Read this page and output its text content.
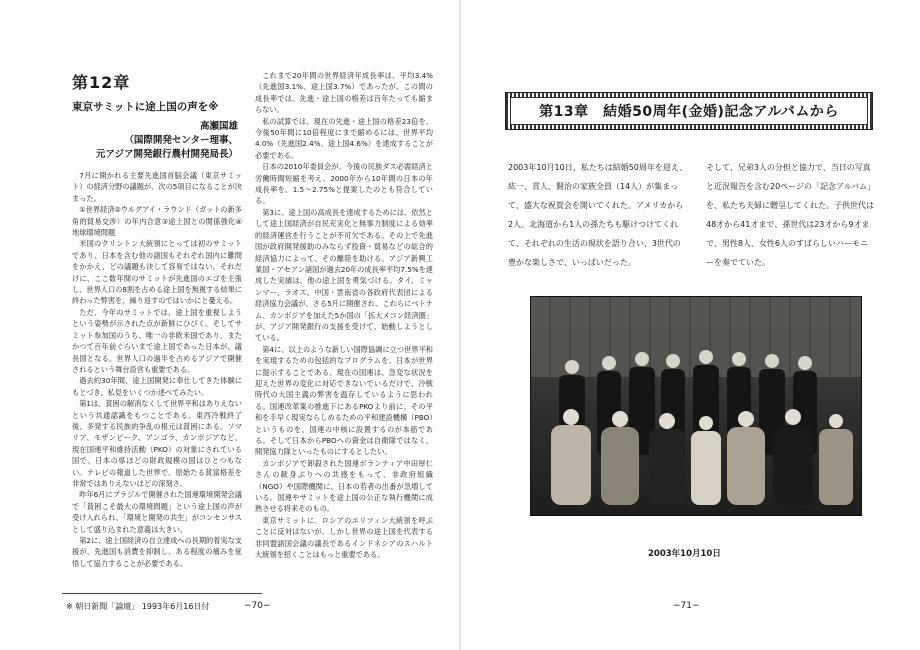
第12章
東京サミットに途上国の声を※
高瀬国雄
（国際開発センター理事、
元アジア開発銀行農村開発局長）

7月に開かれる主要先進国首脳会議（東京サミット）の経済分野の議題が、次の5項目になることが決まった。

①世界経済②ウルグアイ・ラウンド（ガットの新多角的貿易交渉）の年内合意③途上国との関係強化④地球環境問題

米国のクリントン大統領にとっては初のサミットであり、日本を含む他の諸国もそれぞれ国内に難問をかかえ、どの議題も決して容易ではない。それだけに、ここ数年間のサミットが先進国のエゴを主張し、世界人口の8割を占める途上国を無視する結果に終わった弊害を、繰り返すのではいかにと憂える。

ただ、今年のサミットでは、途上国を重視しようという姿勢が示された点が新鮮にひびく。そしてサミット参加国のうち、唯一の非欧米国であり、またかつて百年前ぐらいまで途上国であった日本が、議長国となる。世界人口の過半を占めるアジアで開催されるという舞台設営も重要である。

過去約30年間、途上国開発に奉仕してきた体験にもとづき、私見をいくつか述べてみたい。

第1は、貧困の解消なくして世界平和はありえないという共通認識をもつことである。東西冷戦終了後、多発する民族的争乱の根元は貧困にある。ソマリア、モザンビーク、アンゴラ、カンボジアなど、現在国連平和維持活動（PKO）の対象にされている国で、日本の県ほどの財政規模の国はひとつもない。テレビの報道した世界で、原始たる貧富格差を非常ではありえないほどの深刻さ。

昨年6月にブラジルで開催された国連環境開発会議で「貧困こそ最大の環境問題」という途上国の声が受け入れられ、「環境と開発の共生」がコンセンサスとして盛り込まれた意義は大きい。

第2に、途上国経済の自立達成への長期的着実な支援が、先進国も消費を抑制し、ある程度の痛みを覚悟して協力することが必要である。

これまで20年間の世界経済年成長率は、平均3.4%（先進国3.1%、途上国3.7%）であったが、この間の成長率では、先進・途上国の格差は百年たっても縮まらない。

私の試算では、現在の先進・途上国の格差23倍を、今後50年間に10倍程度にまで縮めるには、世界平均4.0%（先進国2.4%、途上国4.6%）を達成することが必要である。

日本の2010年委員会が、今後の民族ダス必需経済と労働時間短縮を考え、2000年から10年間の日本の年成長率を、1.5〜2.75%と提案したのとも符合している。

第3に、途上国の高成長を達成するためには、依然として途上国経済が自民充実化と無事力制度による効率的経済運営を行うことが不可欠である。その上で先進国が政府開発援助のみならず投資・貿易などの総合的経済協力によって、その離陸を助ける。アジア新興工業国・アセアン諸国が過去20年の成長率平均7.5%を達成した実績は、他の途上国を勇気づける。タイ、ミャンマー、ラオス、中国・雲南省の各政府代表団による経済協力会議が、さる5月に開催され、これらにベトナム、カンボジアを加えた5か国の「拡大メコン経済圏」が、アジア開発銀行の支援を受けて、始動しようとしている。

第4に、以上のような新しい国際協調に立つ世界平和を実現するための包括的なプログラムを、日本が世界に提示することである。現在の国連は、急変な状況を迎えた世界の変化に対応できないでいるだけで、冷戦時代の大国主義の弊害を温存しているように思われる。国連改革案の推進下にあるPKOより前に、その平和を手早く現実ならしめるための平和建設機構（PBO）というものを、国連の中核に設置するのが本筋である。そして日本からPBOへの資金は自衛隊ではなく、開発協力隊といったものにするとしたい。

カンボジアで卸殺された国連ボランティア中田厚仁さんの献身ぶりへの共感をもって、非政府組織（NGO）や国際機関に、日本の若者の出番が急増している。国連やサミットを途上国の公正な執行機関に成熟させる将来そのもの。

東京サミットに、ロシアのエリツィン大統領を呼ぶことに反対はないが、しかし世界の途上国を代表する非同盟諸国会議の議長であるインドネシアのスハルト大統領を招くことはもっと重要である。

※ 朝日新聞「論壇」 1993年6月16日付	−70−
第13章　結婚50周年(金婚)記念アルバムから
2003年10月10日、私たちは結婚50周年を迎え、紘一、貢人、賢治の家族全員（14人）が集まって、盛大な祝賀会を開いてくれた。アメリカから2人、北海道から1人の孫たちも駆けつけてくれて、それぞれの生活の現状を語り合い、3世代の豊かな楽しさで、いっぱいだった。
そして、兄弟3人の分担と協力で、当日の写真と近況報告を含む20ページの「記念アルバム」を、私たち夫婦に贈呈してくれた。子供世代は48才から41才まで、孫世代は23才から9才まで、男性8人、女性6人のすばらしいハーモニーを奏でていた。
2003年10月10日
−71−
